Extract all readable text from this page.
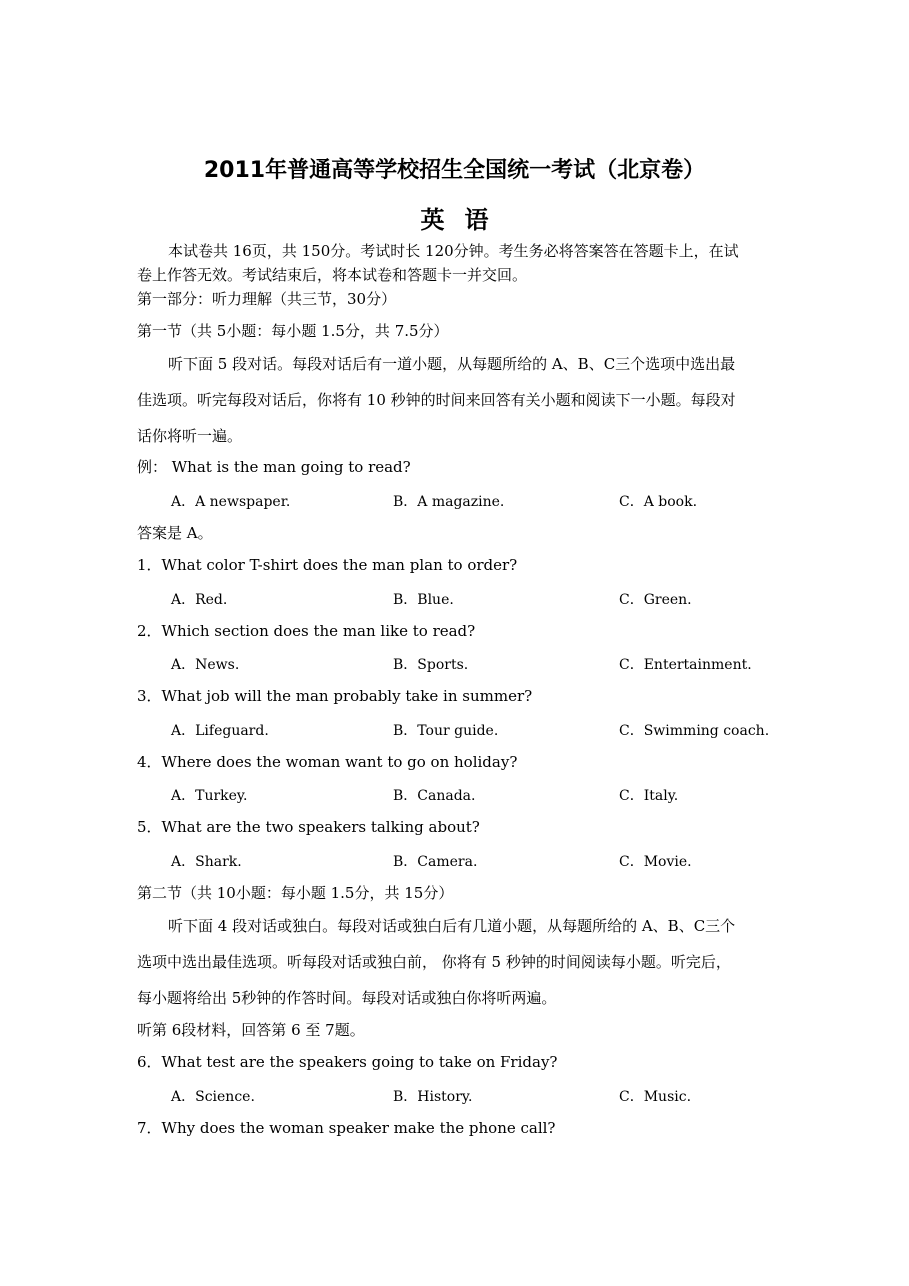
2011年普通高等学校招生全国统一考试（北京卷）
英语
本试卷共 16页，共 150分。考试时长 120分钟。考生务必将答案答在答题卡上，在试
卷上作答无效。考试结束后，将本试卷和答题卡一并交回。
第一部分：听力理解（共三节，30分）
第一节（共 5小题：每小题 1.5分，共 7.5分）
听下面 5 段对话。每段对话后有一道小题，从每题所给的 A、B、C三个选项中选出最
佳选项。听完每段对话后，你将有 10 秒钟的时间来回答有关小题和阅读下一小题。每段对
话你将听一遍。
例： What is the man going to read?
A．A newspaper.	B．A magazine.	C．A book.
答案是 A。
1．What color T-shirt does the man plan to order?
A．Red.	B．Blue.	C．Green.
2．Which section does the man like to read?
A．News.	B．Sports.	C．Entertainment.
3．What job will the man probably take in summer?
A．Lifeguard.	B．Tour guide.	C．Swimming coach.
4．Where does the woman want to go on holiday?
A．Turkey.	B．Canada.	C．Italy.
5．What are the two speakers talking about?
A．Shark.	B．Camera.	C．Movie.
第二节（共 10小题：每小题 1.5分，共 15分）
听下面 4 段对话或独白。每段对话或独白后有几道小题，从每题所给的 A、B、C三个
选项中选出最佳选项。听每段对话或独白前， 你将有 5 秒钟的时间阅读每小题。听完后，
每小题将给出 5秒钟的作答时间。每段对话或独白你将听两遍。
听第 6段材料，回答第 6 至 7题。
6．What test are the speakers going to take on Friday?
A．Science.	B．History.	C．Music.
7．Why does the woman speaker make the phone call?
